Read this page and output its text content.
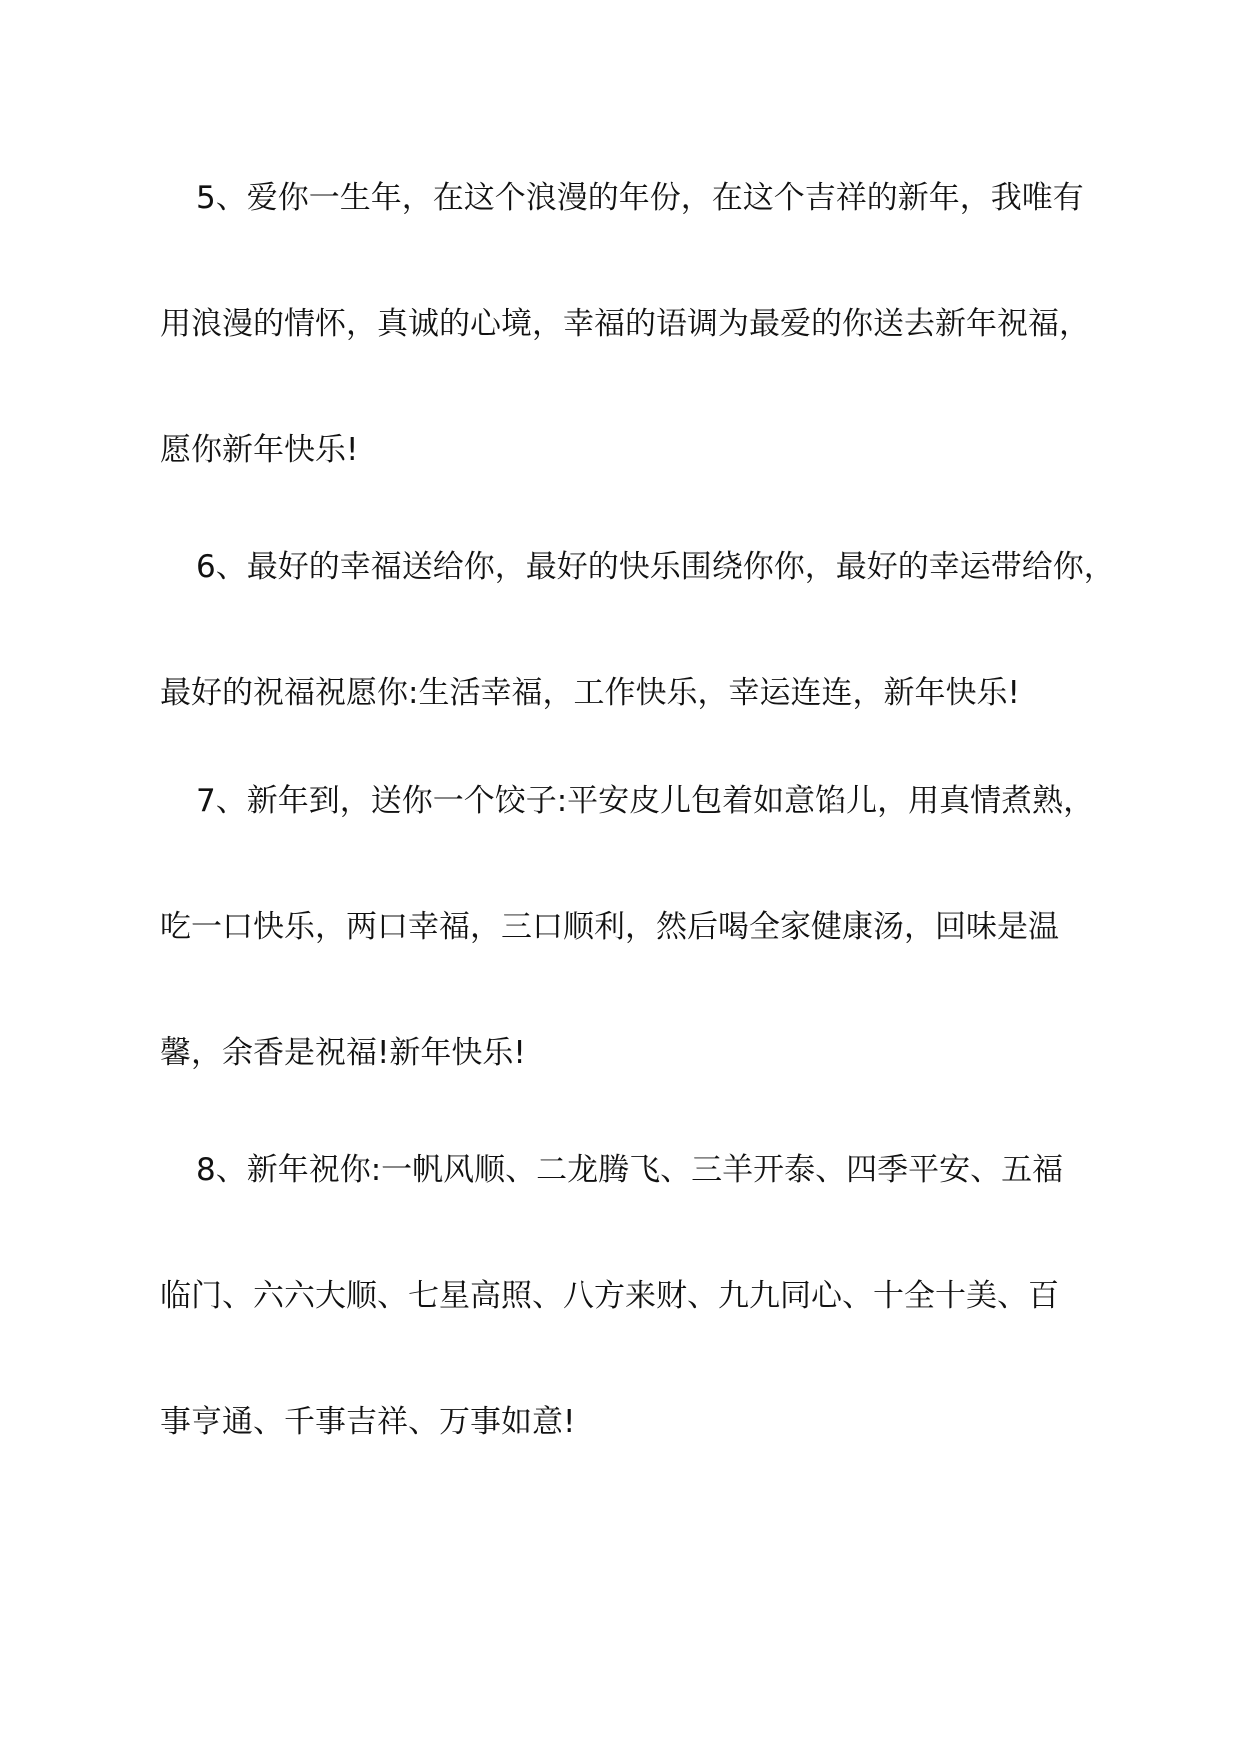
5、爱你一生年，在这个浪漫的年份，在这个吉祥的新年，我唯有
用浪漫的情怀，真诚的心境，幸福的语调为最爱的你送去新年祝福，
愿你新年快乐!
6、最好的幸福送给你，最好的快乐围绕你你，最好的幸运带给你，
最好的祝福祝愿你:生活幸福，工作快乐，幸运连连，新年快乐!
7、新年到，送你一个饺子:平安皮儿包着如意馅儿，用真情煮熟，
吃一口快乐，两口幸福，三口顺利，然后喝全家健康汤，回味是温
馨，余香是祝福!新年快乐!
8、新年祝你:一帆风顺、二龙腾飞、三羊开泰、四季平安、五福
临门、六六大顺、七星高照、八方来财、九九同心、十全十美、百
事亨通、千事吉祥、万事如意!
